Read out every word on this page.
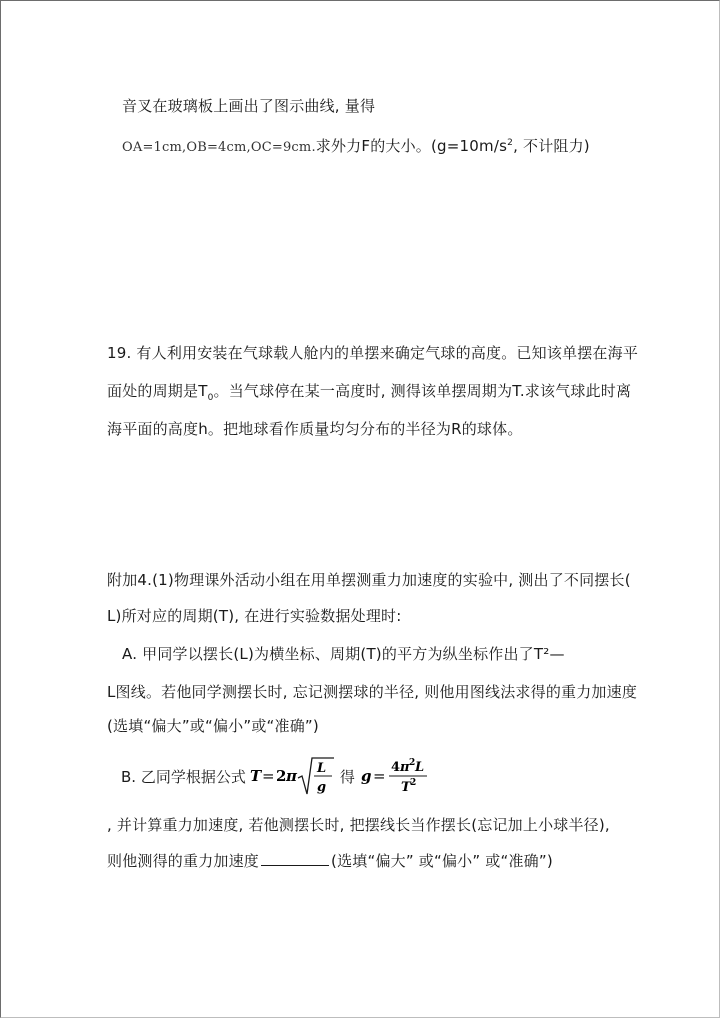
音叉在玻璃板上画出了图示曲线, 量得
OA=1cm,OB=4cm,OC=9cm.求外力F的大小。($g=10m/s^2$, 不计阻力)
19. 有人利用安装在气球载人舱内的单摆来确定气球的高度。已知该单摆在海平
面处的周期是$T_0$。当气球停在某一高度时, 测得该单摆周期为T.求该气球此时离
海平面的高度h。把地球看作质量均匀分布的半径为R的球体。
附加4.(1)物理课外活动小组在用单摆测重力加速度的实验中, 测出了不同摆长(
L)所对应的周期(T), 在进行实验数据处理时:
A. 甲同学以摆长(L)为横坐标、周期(T)的平方为纵坐标作出了T²—
L图线。若他同学测摆长时, 忘记测摆球的半径, 则他用图线法求得的重力加速度
(选填“偏大”或“偏小”或“准确”)
B. 乙同学根据公式 T = 2 π L
g
得 g = 4 π 2 L
T 2
, 并计算重力加速度, 若他测摆长时, 把摆线长当作摆长(忘记加上小球半径),
则他测得的重力加速度	(选填“偏大” 或“偏小” 或“准确”)
